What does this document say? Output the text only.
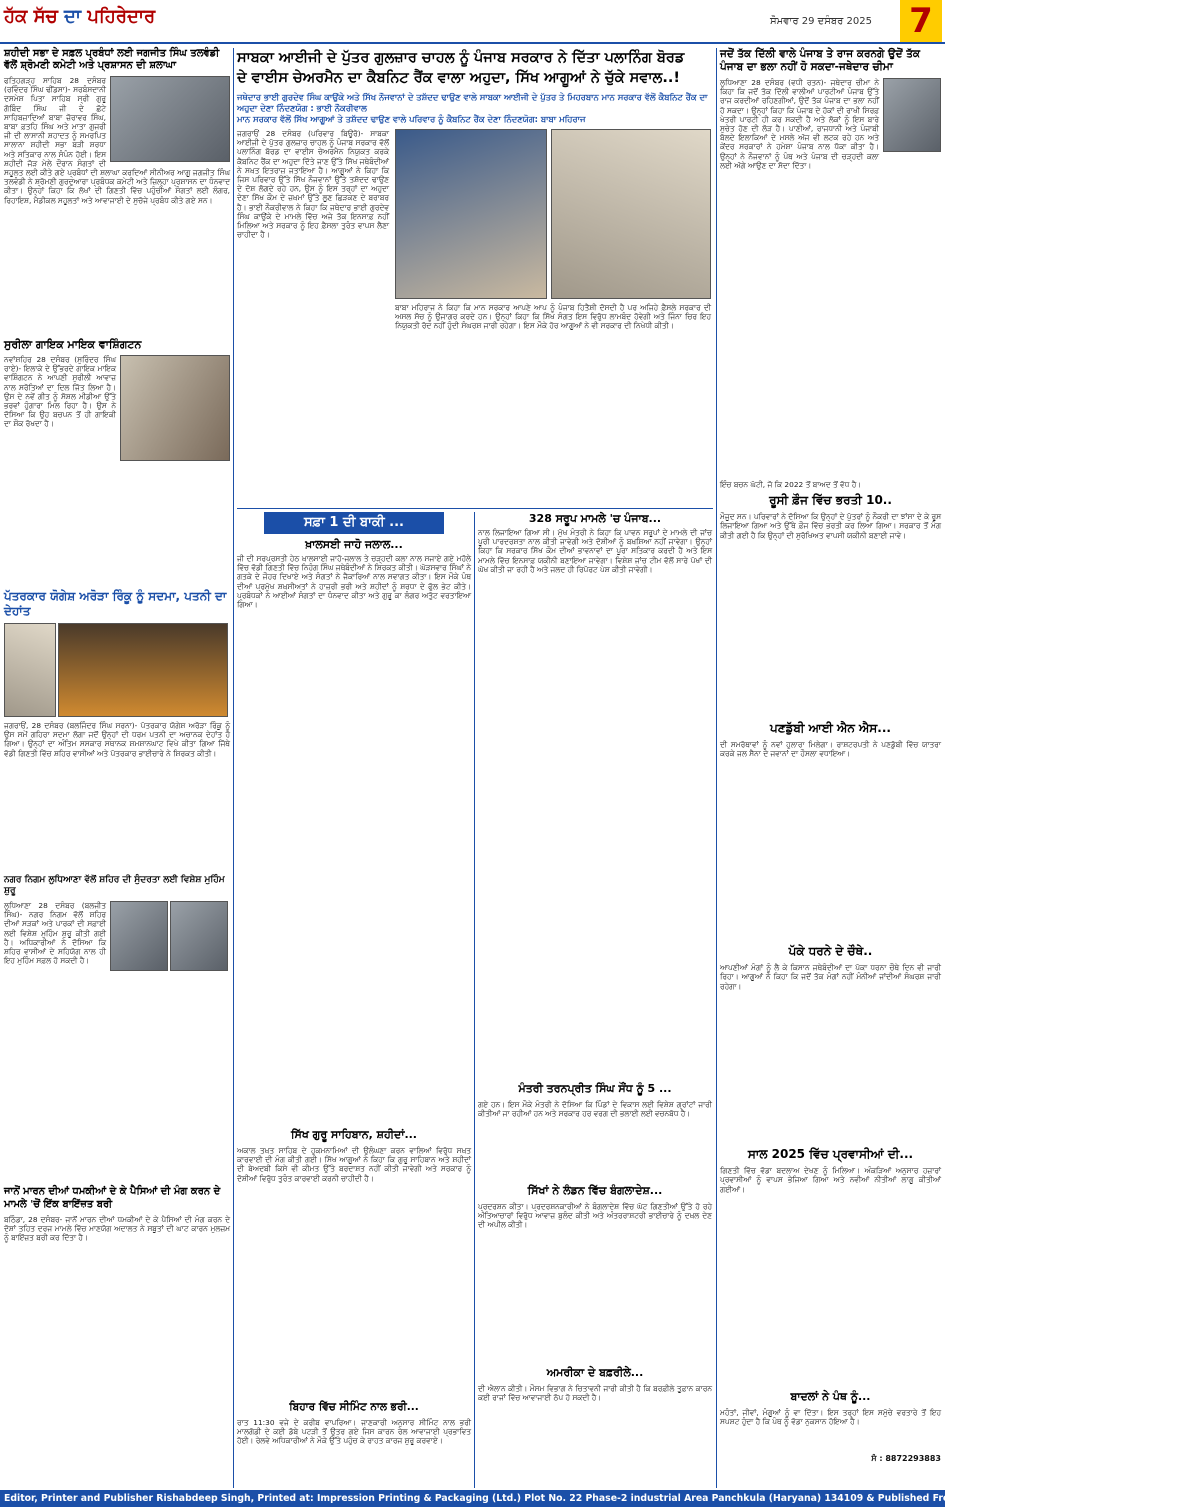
ਹੱਕ ਸੱਚ ਦਾ ਪਹਿਰੇਦਾਰ	ਸੋਮਵਾਰ 29 ਦਸੰਬਰ 2025 7
ਸ਼ਹੀਦੀ ਸਭਾ ਦੇ ਸਫ਼ਲ ਪ੍ਰਬੰਧਾਂ ਲਈ ਜਗਜੀਤ ਸਿੰਘ ਤਲਵੰਡੀ ਵੱਲੋਂ ਸ਼੍ਰੋਮਣੀ ਕਮੇਟੀ ਅਤੇ ਪ੍ਰਸ਼ਾਸਨ ਦੀ ਸ਼ਲਾਘਾ
ਫਤਿਹਗੜ੍ਹ ਸਾਹਿਬ 28 ਦਸੰਬਰ (ਰਵਿੰਦਰ ਸਿੰਘ ਢੀਂਡਸਾ)- ਸਰਬੰਸਦਾਨੀ ਦਸਮੇਸ਼ ਪਿਤਾ ਸਾਹਿਬ ਸ੍ਰੀ ਗੁਰੂ ਗੋਬਿੰਦ ਸਿੰਘ ਜੀ ਦੇ ਛੋਟੇ ਸਾਹਿਬਜ਼ਾਦਿਆਂ ਬਾਬਾ ਜ਼ੋਰਾਵਰ ਸਿੰਘ, ਬਾਬਾ ਫ਼ਤਹਿ ਸਿੰਘ ਅਤੇ ਮਾਤਾ ਗੁਜਰੀ ਜੀ ਦੀ ਲਾਸਾਨੀ ਸ਼ਹਾਦਤ ਨੂੰ ਸਮਰਪਿਤ ਸਾਲਾਨਾ ਸ਼ਹੀਦੀ ਸਭਾ ਬੜੀ ਸ਼ਰਧਾ ਅਤੇ ਸਤਿਕਾਰ ਨਾਲ ਸੰਪੰਨ ਹੋਈ। ਇਸ ਸ਼ਹੀਦੀ ਜੋੜ ਮੇਲੇ ਦੌਰਾਨ ਸੰਗਤਾਂ ਦੀ ਸਹੂਲਤ ਲਈ ਕੀਤੇ ਗਏ ਪ੍ਰਬੰਧਾਂ ਦੀ ਸ਼ਲਾਘਾ ਕਰਦਿਆਂ ਸੀਨੀਅਰ ਆਗੂ ਜਗਜੀਤ ਸਿੰਘ ਤਲਵੰਡੀ ਨੇ ਸ਼੍ਰੋਮਣੀ ਗੁਰਦੁਆਰਾ ਪ੍ਰਬੰਧਕ ਕਮੇਟੀ ਅਤੇ ਜ਼ਿਲ੍ਹਾ ਪ੍ਰਸ਼ਾਸਨ ਦਾ ਧੰਨਵਾਦ ਕੀਤਾ। ਉਨ੍ਹਾਂ ਕਿਹਾ ਕਿ ਲੱਖਾਂ ਦੀ ਗਿਣਤੀ ਵਿੱਚ ਪਹੁੰਚੀਆਂ ਸੰਗਤਾਂ ਲਈ ਲੰਗਰ, ਰਿਹਾਇਸ਼, ਮੈਡੀਕਲ ਸਹੂਲਤਾਂ ਅਤੇ ਆਵਾਜਾਈ ਦੇ ਸੁਚੱਜੇ ਪ੍ਰਬੰਧ ਕੀਤੇ ਗਏ ਸਨ।
ਸੁਰੀਲਾ ਗਾਇਕ ਮਾਇਕ ਵਾਸ਼ਿੰਗਟਨ
ਨਵਾਂਸ਼ਹਿਰ 28 ਦਸੰਬਰ (ਸੁਰਿੰਦਰ ਸਿੰਘ ਰਾਏ)- ਇਲਾਕੇ ਦੇ ਉੱਭਰਦੇ ਗਾਇਕ ਮਾਇਕ ਵਾਸ਼ਿੰਗਟਨ ਨੇ ਆਪਣੀ ਸੁਰੀਲੀ ਆਵਾਜ਼ ਨਾਲ ਸਰੋਤਿਆਂ ਦਾ ਦਿਲ ਜਿੱਤ ਲਿਆ ਹੈ। ਉਸ ਦੇ ਨਵੇਂ ਗੀਤ ਨੂੰ ਸੋਸ਼ਲ ਮੀਡੀਆ ਉੱਤੇ ਭਰਵਾਂ ਹੁੰਗਾਰਾ ਮਿਲ ਰਿਹਾ ਹੈ। ਉਸ ਨੇ ਦੱਸਿਆ ਕਿ ਉਹ ਬਚਪਨ ਤੋਂ ਹੀ ਗਾਇਕੀ ਦਾ ਸ਼ੌਕ ਰੱਖਦਾ ਹੈ।
ਪੱਤਰਕਾਰ ਯੋਗੇਸ਼ ਅਰੋੜਾ ਰਿੰਕੂ ਨੂੰ ਸਦਮਾ, ਪਤਨੀ ਦਾ ਦੇਹਾਂਤ
ਜਗਰਾਓਂ, 28 ਦਸੰਬਰ (ਬਲਜਿੰਦਰ ਸਿੰਘ ਸਰਨਾ)- ਪੱਤਰਕਾਰ ਯੋਗੇਸ਼ ਅਰੋੜਾ ਰਿੰਕੂ ਨੂੰ ਉਸ ਸਮੇਂ ਗਹਿਰਾ ਸਦਮਾ ਲੱਗਾ ਜਦੋਂ ਉਨ੍ਹਾਂ ਦੀ ਧਰਮ ਪਤਨੀ ਦਾ ਅਚਾਨਕ ਦੇਹਾਂਤ ਹੋ ਗਿਆ। ਉਨ੍ਹਾਂ ਦਾ ਅੰਤਿਮ ਸਸਕਾਰ ਸਥਾਨਕ ਸ਼ਮਸ਼ਾਨਘਾਟ ਵਿਖੇ ਕੀਤਾ ਗਿਆ ਜਿੱਥੇ ਵੱਡੀ ਗਿਣਤੀ ਵਿੱਚ ਸ਼ਹਿਰ ਵਾਸੀਆਂ ਅਤੇ ਪੱਤਰਕਾਰ ਭਾਈਚਾਰੇ ਨੇ ਸ਼ਿਰਕਤ ਕੀਤੀ।
ਨਗਰ ਨਿਗਮ ਲੁਧਿਆਣਾ ਵੱਲੋਂ ਸ਼ਹਿਰ ਦੀ ਸੁੰਦਰਤਾ ਲਈ ਵਿਸ਼ੇਸ਼ ਮੁਹਿੰਮ ਸ਼ੁਰੂ
ਲੁਧਿਆਣਾ 28 ਦਸੰਬਰ (ਬਲਜੀਤ ਸਿੰਘ)- ਨਗਰ ਨਿਗਮ ਵੱਲੋਂ ਸ਼ਹਿਰ ਦੀਆਂ ਸੜਕਾਂ ਅਤੇ ਪਾਰਕਾਂ ਦੀ ਸਫ਼ਾਈ ਲਈ ਵਿਸ਼ੇਸ਼ ਮੁਹਿੰਮ ਸ਼ੁਰੂ ਕੀਤੀ ਗਈ ਹੈ। ਅਧਿਕਾਰੀਆਂ ਨੇ ਦੱਸਿਆ ਕਿ ਸ਼ਹਿਰ ਵਾਸੀਆਂ ਦੇ ਸਹਿਯੋਗ ਨਾਲ ਹੀ ਇਹ ਮੁਹਿੰਮ ਸਫ਼ਲ ਹੋ ਸਕਦੀ ਹੈ।
ਜਾਨੋਂ ਮਾਰਨ ਦੀਆਂ ਧਮਕੀਆਂ ਦੇ ਕੇ ਪੈਸਿਆਂ ਦੀ ਮੰਗ ਕਰਨ ਦੇ ਮਾਮਲੇ 'ਚੋਂ ਇੱਕ ਬਾਇੱਜ਼ਤ ਬਰੀ
ਬਠਿੰਡਾ, 28 ਦਸੰਬਰ- ਜਾਨੋਂ ਮਾਰਨ ਦੀਆਂ ਧਮਕੀਆਂ ਦੇ ਕੇ ਪੈਸਿਆਂ ਦੀ ਮੰਗ ਕਰਨ ਦੇ ਦੋਸ਼ਾਂ ਤਹਿਤ ਦਰਜ ਮਾਮਲੇ ਵਿੱਚ ਮਾਣਯੋਗ ਅਦਾਲਤ ਨੇ ਸਬੂਤਾਂ ਦੀ ਘਾਟ ਕਾਰਨ ਮੁਲਜ਼ਮ ਨੂੰ ਬਾਇੱਜ਼ਤ ਬਰੀ ਕਰ ਦਿੱਤਾ ਹੈ।
ਸਾਬਕਾ ਆਈਜੀ ਦੇ ਪੁੱਤਰ ਗੁਲਜ਼ਾਰ ਚਾਹਲ ਨੂੰ ਪੰਜਾਬ ਸਰਕਾਰ ਨੇ ਦਿੱਤਾ ਪਲਾਨਿੰਗ ਬੋਰਡ
ਦੇ ਵਾਈਸ ਚੇਅਰਮੈਨ ਦਾ ਕੈਬਨਿਟ ਰੈਂਕ ਵਾਲਾ ਅਹੁਦਾ, ਸਿੱਖ ਆਗੂਆਂ ਨੇ ਚੁੱਕੇ ਸਵਾਲ..!
ਜਥੇਦਾਰ ਭਾਈ ਗੁਰਦੇਵ ਸਿੰਘ ਕਾਉਂਕੇ ਅਤੇ ਸਿੱਖ ਨੌਜਵਾਨਾਂ ਦੇ ਤਸ਼ੱਦਦ ਢਾਉਣ ਵਾਲੇ ਸਾਬਕਾ ਆਈਜੀ ਦੇ ਪੁੱਤਰ ਤੇ ਮਿਹਰਬਾਨ ਮਾਨ ਸਰਕਾਰ ਵੱਲੋਂ ਕੈਬਨਿਟ ਰੈਂਕ ਦਾ ਅਹੁਦਾ ਦੇਣਾ ਨਿੰਦਣਯੋਗ : ਭਾਈ ਨੌਕਰੀਵਾਲ
ਮਾਨ ਸਰਕਾਰ ਵੱਲੋਂ ਸਿੱਖ ਆਗੂਆਂ ਤੇ ਤਸ਼ੱਦਦ ਢਾਉਣ ਵਾਲੇ ਪਰਿਵਾਰ ਨੂੰ ਕੈਬਨਿਟ ਰੈਂਕ ਦੇਣਾ ਨਿੰਦਣਯੋਗ: ਬਾਬਾ ਮਹਿਰਾਜ
ਜਗਰਾਓਂ 28 ਦਸੰਬਰ (ਪਰਿਵਾਰ ਬਿਊਰੋ)- ਸਾਬਕਾ ਆਈਜੀ ਦੇ ਪੁੱਤਰ ਗੁਲਜ਼ਾਰ ਚਾਹਲ ਨੂੰ ਪੰਜਾਬ ਸਰਕਾਰ ਵੱਲੋਂ ਪਲਾਨਿੰਗ ਬੋਰਡ ਦਾ ਵਾਈਸ ਚੇਅਰਮੈਨ ਨਿਯੁਕਤ ਕਰਕੇ ਕੈਬਨਿਟ ਰੈਂਕ ਦਾ ਅਹੁਦਾ ਦਿੱਤੇ ਜਾਣ ਉੱਤੇ ਸਿੱਖ ਜਥੇਬੰਦੀਆਂ ਨੇ ਸਖ਼ਤ ਇਤਰਾਜ਼ ਜਤਾਇਆ ਹੈ। ਆਗੂਆਂ ਨੇ ਕਿਹਾ ਕਿ ਜਿਸ ਪਰਿਵਾਰ ਉੱਤੇ ਸਿੱਖ ਨੌਜਵਾਨਾਂ ਉੱਤੇ ਤਸ਼ੱਦਦ ਢਾਉਣ ਦੇ ਦੋਸ਼ ਲੱਗਦੇ ਰਹੇ ਹਨ, ਉਸ ਨੂੰ ਇਸ ਤਰ੍ਹਾਂ ਦਾ ਅਹੁਦਾ ਦੇਣਾ ਸਿੱਖ ਕੌਮ ਦੇ ਜ਼ਖ਼ਮਾਂ ਉੱਤੇ ਲੂਣ ਛਿੜਕਣ ਦੇ ਬਰਾਬਰ ਹੈ। ਭਾਈ ਨੌਕਰੀਵਾਲ ਨੇ ਕਿਹਾ ਕਿ ਜਥੇਦਾਰ ਭਾਈ ਗੁਰਦੇਵ ਸਿੰਘ ਕਾਉਂਕੇ ਦੇ ਮਾਮਲੇ ਵਿੱਚ ਅਜੇ ਤੱਕ ਇਨਸਾਫ਼ ਨਹੀਂ ਮਿਲਿਆ ਅਤੇ ਸਰਕਾਰ ਨੂੰ ਇਹ ਫ਼ੈਸਲਾ ਤੁਰੰਤ ਵਾਪਸ ਲੈਣਾ ਚਾਹੀਦਾ ਹੈ।
ਬਾਬਾ ਮਹਿਰਾਜ ਨੇ ਕਿਹਾ ਕਿ ਮਾਨ ਸਰਕਾਰ ਆਪਣੇ ਆਪ ਨੂੰ ਪੰਜਾਬ ਹਿਤੈਸ਼ੀ ਦੱਸਦੀ ਹੈ ਪਰ ਅਜਿਹੇ ਫ਼ੈਸਲੇ ਸਰਕਾਰ ਦੀ ਅਸਲ ਸੋਚ ਨੂੰ ਉਜਾਗਰ ਕਰਦੇ ਹਨ। ਉਨ੍ਹਾਂ ਕਿਹਾ ਕਿ ਸਿੱਖ ਸੰਗਤ ਇਸ ਵਿਰੁੱਧ ਲਾਮਬੰਦ ਹੋਵੇਗੀ ਅਤੇ ਜਿੰਨਾ ਚਿਰ ਇਹ ਨਿਯੁਕਤੀ ਰੱਦ ਨਹੀਂ ਹੁੰਦੀ ਸੰਘਰਸ਼ ਜਾਰੀ ਰਹੇਗਾ। ਇਸ ਮੌਕੇ ਹੋਰ ਆਗੂਆਂ ਨੇ ਵੀ ਸਰਕਾਰ ਦੀ ਨਿਖੇਧੀ ਕੀਤੀ।
ਸਫ਼ਾ 1 ਦੀ ਬਾਕੀ ...
ਖ਼ਾਲਸਈ ਜਾਹੋ ਜਲਾਲ...
ਜੀ ਦੀ ਸਰਪ੍ਰਸਤੀ ਹੇਠ ਖ਼ਾਲਸਾਈ ਜਾਹੋ-ਜਲਾਲ ਤੇ ਚੜ੍ਹਦੀ ਕਲਾ ਨਾਲ ਸਜਾਏ ਗਏ ਮਹੱਲੇ ਵਿੱਚ ਵੱਡੀ ਗਿਣਤੀ ਵਿੱਚ ਨਿਹੰਗ ਸਿੰਘ ਜਥੇਬੰਦੀਆਂ ਨੇ ਸ਼ਿਰਕਤ ਕੀਤੀ। ਘੋੜਸਵਾਰ ਸਿੰਘਾਂ ਨੇ ਗਤਕੇ ਦੇ ਜੌਹਰ ਦਿਖਾਏ ਅਤੇ ਸੰਗਤਾਂ ਨੇ ਜੈਕਾਰਿਆਂ ਨਾਲ ਸਵਾਗਤ ਕੀਤਾ। ਇਸ ਮੌਕੇ ਪੰਥ ਦੀਆਂ ਪ੍ਰਮੁੱਖ ਸ਼ਖ਼ਸੀਅਤਾਂ ਨੇ ਹਾਜ਼ਰੀ ਭਰੀ ਅਤੇ ਸ਼ਹੀਦਾਂ ਨੂੰ ਸ਼ਰਧਾ ਦੇ ਫੁੱਲ ਭੇਟ ਕੀਤੇ। ਪ੍ਰਬੰਧਕਾਂ ਨੇ ਆਈਆਂ ਸੰਗਤਾਂ ਦਾ ਧੰਨਵਾਦ ਕੀਤਾ ਅਤੇ ਗੁਰੂ ਕਾ ਲੰਗਰ ਅਤੁੱਟ ਵਰਤਾਇਆ ਗਿਆ।
ਸਿੱਖ ਗੁਰੂ ਸਾਹਿਬਾਨ, ਸ਼ਹੀਦਾਂ...
ਅਕਾਲ ਤਖ਼ਤ ਸਾਹਿਬ ਦੇ ਹੁਕਮਨਾਮਿਆਂ ਦੀ ਉਲੰਘਣਾ ਕਰਨ ਵਾਲਿਆਂ ਵਿਰੁੱਧ ਸਖ਼ਤ ਕਾਰਵਾਈ ਦੀ ਮੰਗ ਕੀਤੀ ਗਈ। ਸਿੱਖ ਆਗੂਆਂ ਨੇ ਕਿਹਾ ਕਿ ਗੁਰੂ ਸਾਹਿਬਾਨ ਅਤੇ ਸ਼ਹੀਦਾਂ ਦੀ ਬੇਅਦਬੀ ਕਿਸੇ ਵੀ ਕੀਮਤ ਉੱਤੇ ਬਰਦਾਸ਼ਤ ਨਹੀਂ ਕੀਤੀ ਜਾਵੇਗੀ ਅਤੇ ਸਰਕਾਰ ਨੂੰ ਦੋਸ਼ੀਆਂ ਵਿਰੁੱਧ ਤੁਰੰਤ ਕਾਰਵਾਈ ਕਰਨੀ ਚਾਹੀਦੀ ਹੈ।
ਬਿਹਾਰ ਵਿੱਚ ਸੀਮਿੰਟ ਨਾਲ ਭਰੀ...
ਰਾਤ 11:30 ਵਜੇ ਦੇ ਕਰੀਬ ਵਾਪਰਿਆ। ਜਾਣਕਾਰੀ ਅਨੁਸਾਰ ਸੀਮਿੰਟ ਨਾਲ ਭਰੀ ਮਾਲਗੱਡੀ ਦੇ ਕਈ ਡੱਬੇ ਪਟੜੀ ਤੋਂ ਉਤਰ ਗਏ ਜਿਸ ਕਾਰਨ ਰੇਲ ਆਵਾਜਾਈ ਪ੍ਰਭਾਵਿਤ ਹੋਈ। ਰੇਲਵੇ ਅਧਿਕਾਰੀਆਂ ਨੇ ਮੌਕੇ ਉੱਤੇ ਪਹੁੰਚ ਕੇ ਰਾਹਤ ਕਾਰਜ ਸ਼ੁਰੂ ਕਰਵਾਏ।
328 ਸਰੂਪ ਮਾਮਲੇ 'ਚ ਪੰਜਾਬ...
ਨਾਲ ਲਿਜਾਇਆ ਗਿਆ ਸੀ। ਮੁੱਖ ਮੰਤਰੀ ਨੇ ਕਿਹਾ ਕਿ ਪਾਵਨ ਸਰੂਪਾਂ ਦੇ ਮਾਮਲੇ ਦੀ ਜਾਂਚ ਪੂਰੀ ਪਾਰਦਰਸ਼ਤਾ ਨਾਲ ਕੀਤੀ ਜਾਵੇਗੀ ਅਤੇ ਦੋਸ਼ੀਆਂ ਨੂੰ ਬਖ਼ਸ਼ਿਆ ਨਹੀਂ ਜਾਵੇਗਾ। ਉਨ੍ਹਾਂ ਕਿਹਾ ਕਿ ਸਰਕਾਰ ਸਿੱਖ ਕੌਮ ਦੀਆਂ ਭਾਵਨਾਵਾਂ ਦਾ ਪੂਰਾ ਸਤਿਕਾਰ ਕਰਦੀ ਹੈ ਅਤੇ ਇਸ ਮਾਮਲੇ ਵਿੱਚ ਇਨਸਾਫ਼ ਯਕੀਨੀ ਬਣਾਇਆ ਜਾਵੇਗਾ। ਵਿਸ਼ੇਸ਼ ਜਾਂਚ ਟੀਮ ਵੱਲੋਂ ਸਾਰੇ ਪੱਖਾਂ ਦੀ ਘੋਖ ਕੀਤੀ ਜਾ ਰਹੀ ਹੈ ਅਤੇ ਜਲਦ ਹੀ ਰਿਪੋਰਟ ਪੇਸ਼ ਕੀਤੀ ਜਾਵੇਗੀ।
ਮੰਤਰੀ ਤਰਨਪ੍ਰੀਤ ਸਿੰਘ ਸੌਂਧ ਨੂੰ 5 ...
ਗਏ ਹਨ। ਇਸ ਮੌਕੇ ਮੰਤਰੀ ਨੇ ਦੱਸਿਆ ਕਿ ਪਿੰਡਾਂ ਦੇ ਵਿਕਾਸ ਲਈ ਵਿਸ਼ੇਸ਼ ਗ੍ਰਾਂਟਾਂ ਜਾਰੀ ਕੀਤੀਆਂ ਜਾ ਰਹੀਆਂ ਹਨ ਅਤੇ ਸਰਕਾਰ ਹਰ ਵਰਗ ਦੀ ਭਲਾਈ ਲਈ ਵਚਨਬੱਧ ਹੈ।
ਸਿੱਖਾਂ ਨੇ ਲੰਡਨ ਵਿੱਚ ਬੰਗਲਾਦੇਸ਼...
ਪ੍ਰਦਰਸ਼ਨ ਕੀਤਾ। ਪ੍ਰਦਰਸ਼ਨਕਾਰੀਆਂ ਨੇ ਬੰਗਲਾਦੇਸ਼ ਵਿੱਚ ਘੱਟ ਗਿਣਤੀਆਂ ਉੱਤੇ ਹੋ ਰਹੇ ਅੱਤਿਆਚਾਰਾਂ ਵਿਰੁੱਧ ਆਵਾਜ਼ ਬੁਲੰਦ ਕੀਤੀ ਅਤੇ ਅੰਤਰਰਾਸ਼ਟਰੀ ਭਾਈਚਾਰੇ ਨੂੰ ਦਖ਼ਲ ਦੇਣ ਦੀ ਅਪੀਲ ਕੀਤੀ।
ਅਮਰੀਕਾ ਦੇ ਬਫ਼ਰੀਲੇ...
ਦੀ ਐਲਾਨ ਕੀਤੀ। ਮੌਸਮ ਵਿਭਾਗ ਨੇ ਚਿਤਾਵਨੀ ਜਾਰੀ ਕੀਤੀ ਹੈ ਕਿ ਬਰਫ਼ੀਲੇ ਤੂਫ਼ਾਨ ਕਾਰਨ ਕਈ ਰਾਜਾਂ ਵਿੱਚ ਆਵਾਜਾਈ ਠੱਪ ਹੋ ਸਕਦੀ ਹੈ।
ਜਦੋਂ ਤੱਕ ਦਿੱਲੀ ਵਾਲੇ ਪੰਜਾਬ ਤੇ ਰਾਜ ਕਰਨਗੇ ਉਦੋਂ ਤੱਕ ਪੰਜਾਬ ਦਾ ਭਲਾ ਨਹੀਂ ਹੋ ਸਕਦਾ-ਜਥੇਦਾਰ ਚੀਮਾ
ਲੁਧਿਆਣਾ 28 ਦਸੰਬਰ (ਵਧੀ ਰਤਨ)- ਜਥੇਦਾਰ ਚੀਮਾ ਨੇ ਕਿਹਾ ਕਿ ਜਦੋਂ ਤੱਕ ਦਿੱਲੀ ਵਾਲੀਆਂ ਪਾਰਟੀਆਂ ਪੰਜਾਬ ਉੱਤੇ ਰਾਜ ਕਰਦੀਆਂ ਰਹਿਣਗੀਆਂ, ਉਦੋਂ ਤੱਕ ਪੰਜਾਬ ਦਾ ਭਲਾ ਨਹੀਂ ਹੋ ਸਕਦਾ। ਉਨ੍ਹਾਂ ਕਿਹਾ ਕਿ ਪੰਜਾਬ ਦੇ ਹੱਕਾਂ ਦੀ ਰਾਖੀ ਸਿਰਫ਼ ਖੇਤਰੀ ਪਾਰਟੀ ਹੀ ਕਰ ਸਕਦੀ ਹੈ ਅਤੇ ਲੋਕਾਂ ਨੂੰ ਇਸ ਬਾਰੇ ਸੁਚੇਤ ਹੋਣ ਦੀ ਲੋੜ ਹੈ। ਪਾਣੀਆਂ, ਰਾਜਧਾਨੀ ਅਤੇ ਪੰਜਾਬੀ ਬੋਲਦੇ ਇਲਾਕਿਆਂ ਦੇ ਮਸਲੇ ਅੱਜ ਵੀ ਲਟਕ ਰਹੇ ਹਨ ਅਤੇ ਕੇਂਦਰ ਸਰਕਾਰਾਂ ਨੇ ਹਮੇਸ਼ਾ ਪੰਜਾਬ ਨਾਲ ਧੱਕਾ ਕੀਤਾ ਹੈ। ਉਨ੍ਹਾਂ ਨੇ ਨੌਜਵਾਨਾਂ ਨੂੰ ਪੰਥ ਅਤੇ ਪੰਜਾਬ ਦੀ ਚੜ੍ਹਦੀ ਕਲਾ ਲਈ ਅੱਗੇ ਆਉਣ ਦਾ ਸੱਦਾ ਦਿੱਤਾ।
ਇੰਚ ਬਚਨ ਘੱਟੀ, ਜੋ ਕਿ 2022 ਤੋਂ ਬਾਅਦ ਤੋਂ ਵੱਧ ਹੈ।
ਰੂਸੀ ਫ਼ੌਜ ਵਿੱਚ ਭਰਤੀ 10..
ਮੌਜੂਦ ਸਨ। ਪਰਿਵਾਰਾਂ ਨੇ ਦੱਸਿਆ ਕਿ ਉਨ੍ਹਾਂ ਦੇ ਪੁੱਤਰਾਂ ਨੂੰ ਨੌਕਰੀ ਦਾ ਝਾਂਸਾ ਦੇ ਕੇ ਰੂਸ ਲਿਜਾਇਆ ਗਿਆ ਅਤੇ ਉੱਥੇ ਫ਼ੌਜ ਵਿੱਚ ਭਰਤੀ ਕਰ ਲਿਆ ਗਿਆ। ਸਰਕਾਰ ਤੋਂ ਮੰਗ ਕੀਤੀ ਗਈ ਹੈ ਕਿ ਉਨ੍ਹਾਂ ਦੀ ਸੁਰੱਖਿਅਤ ਵਾਪਸੀ ਯਕੀਨੀ ਬਣਾਈ ਜਾਵੇ।
ਪਣਡੁੱਬੀ ਆਈ ਐਨ ਐਸ...
ਦੀ ਸਮਰੱਥਾਵਾਂ ਨੂੰ ਨਵਾਂ ਹੁਲਾਰਾ ਮਿਲੇਗਾ। ਰਾਸ਼ਟਰਪਤੀ ਨੇ ਪਣਡੁੱਬੀ ਵਿੱਚ ਯਾਤਰਾ ਕਰਕੇ ਜਲ ਸੈਨਾ ਦੇ ਜਵਾਨਾਂ ਦਾ ਹੌਸਲਾ ਵਧਾਇਆ।
ਪੱਕੇ ਧਰਨੇ ਦੇ ਚੌਥੇ..
ਆਪਣੀਆਂ ਮੰਗਾਂ ਨੂੰ ਲੈ ਕੇ ਕਿਸਾਨ ਜਥੇਬੰਦੀਆਂ ਦਾ ਪੱਕਾ ਧਰਨਾ ਚੌਥੇ ਦਿਨ ਵੀ ਜਾਰੀ ਰਿਹਾ। ਆਗੂਆਂ ਨੇ ਕਿਹਾ ਕਿ ਜਦੋਂ ਤੱਕ ਮੰਗਾਂ ਨਹੀਂ ਮੰਨੀਆਂ ਜਾਂਦੀਆਂ ਸੰਘਰਸ਼ ਜਾਰੀ ਰਹੇਗਾ।
ਸਾਲ 2025 ਵਿੱਚ ਪ੍ਰਵਾਸੀਆਂ ਦੀ...
ਗਿਣਤੀ ਵਿੱਚ ਵੱਡਾ ਬਦਲਾਅ ਦੇਖਣ ਨੂੰ ਮਿਲਿਆ। ਅੰਕੜਿਆਂ ਅਨੁਸਾਰ ਹਜ਼ਾਰਾਂ ਪ੍ਰਵਾਸੀਆਂ ਨੂੰ ਵਾਪਸ ਭੇਜਿਆ ਗਿਆ ਅਤੇ ਨਵੀਆਂ ਨੀਤੀਆਂ ਲਾਗੂ ਕੀਤੀਆਂ ਗਈਆਂ।
ਬਾਦਲਾਂ ਨੇ ਪੰਥ ਨੂੰ...
ਮਹੰਤਾਂ, ਜੀਵਾਂ, ਮੰਗੂਆਂ ਨੂੰ ਵਾ ਦਿੱਤਾ। ਇਸ ਤਰ੍ਹਾਂ ਇਸ ਸਮੁੱਚੇ ਵਰਤਾਰੇ ਤੋਂ ਇਹ ਸਪਸ਼ਟ ਹੁੰਦਾ ਹੈ ਕਿ ਪੰਥ ਨੂੰ ਵੱਡਾ ਨੁਕਸਾਨ ਹੋਇਆ ਹੈ।
ਸੰ : 8872293883
Editor, Printer and Publisher Rishabdeep Singh, Printed at: Impression Printing & Packaging (Ltd.) Plot No. 22 Phase-2 industrial Area Panchkula (Haryana) 134109 & Published From 3223, First Floor, Sector-35D, Chandigarh
